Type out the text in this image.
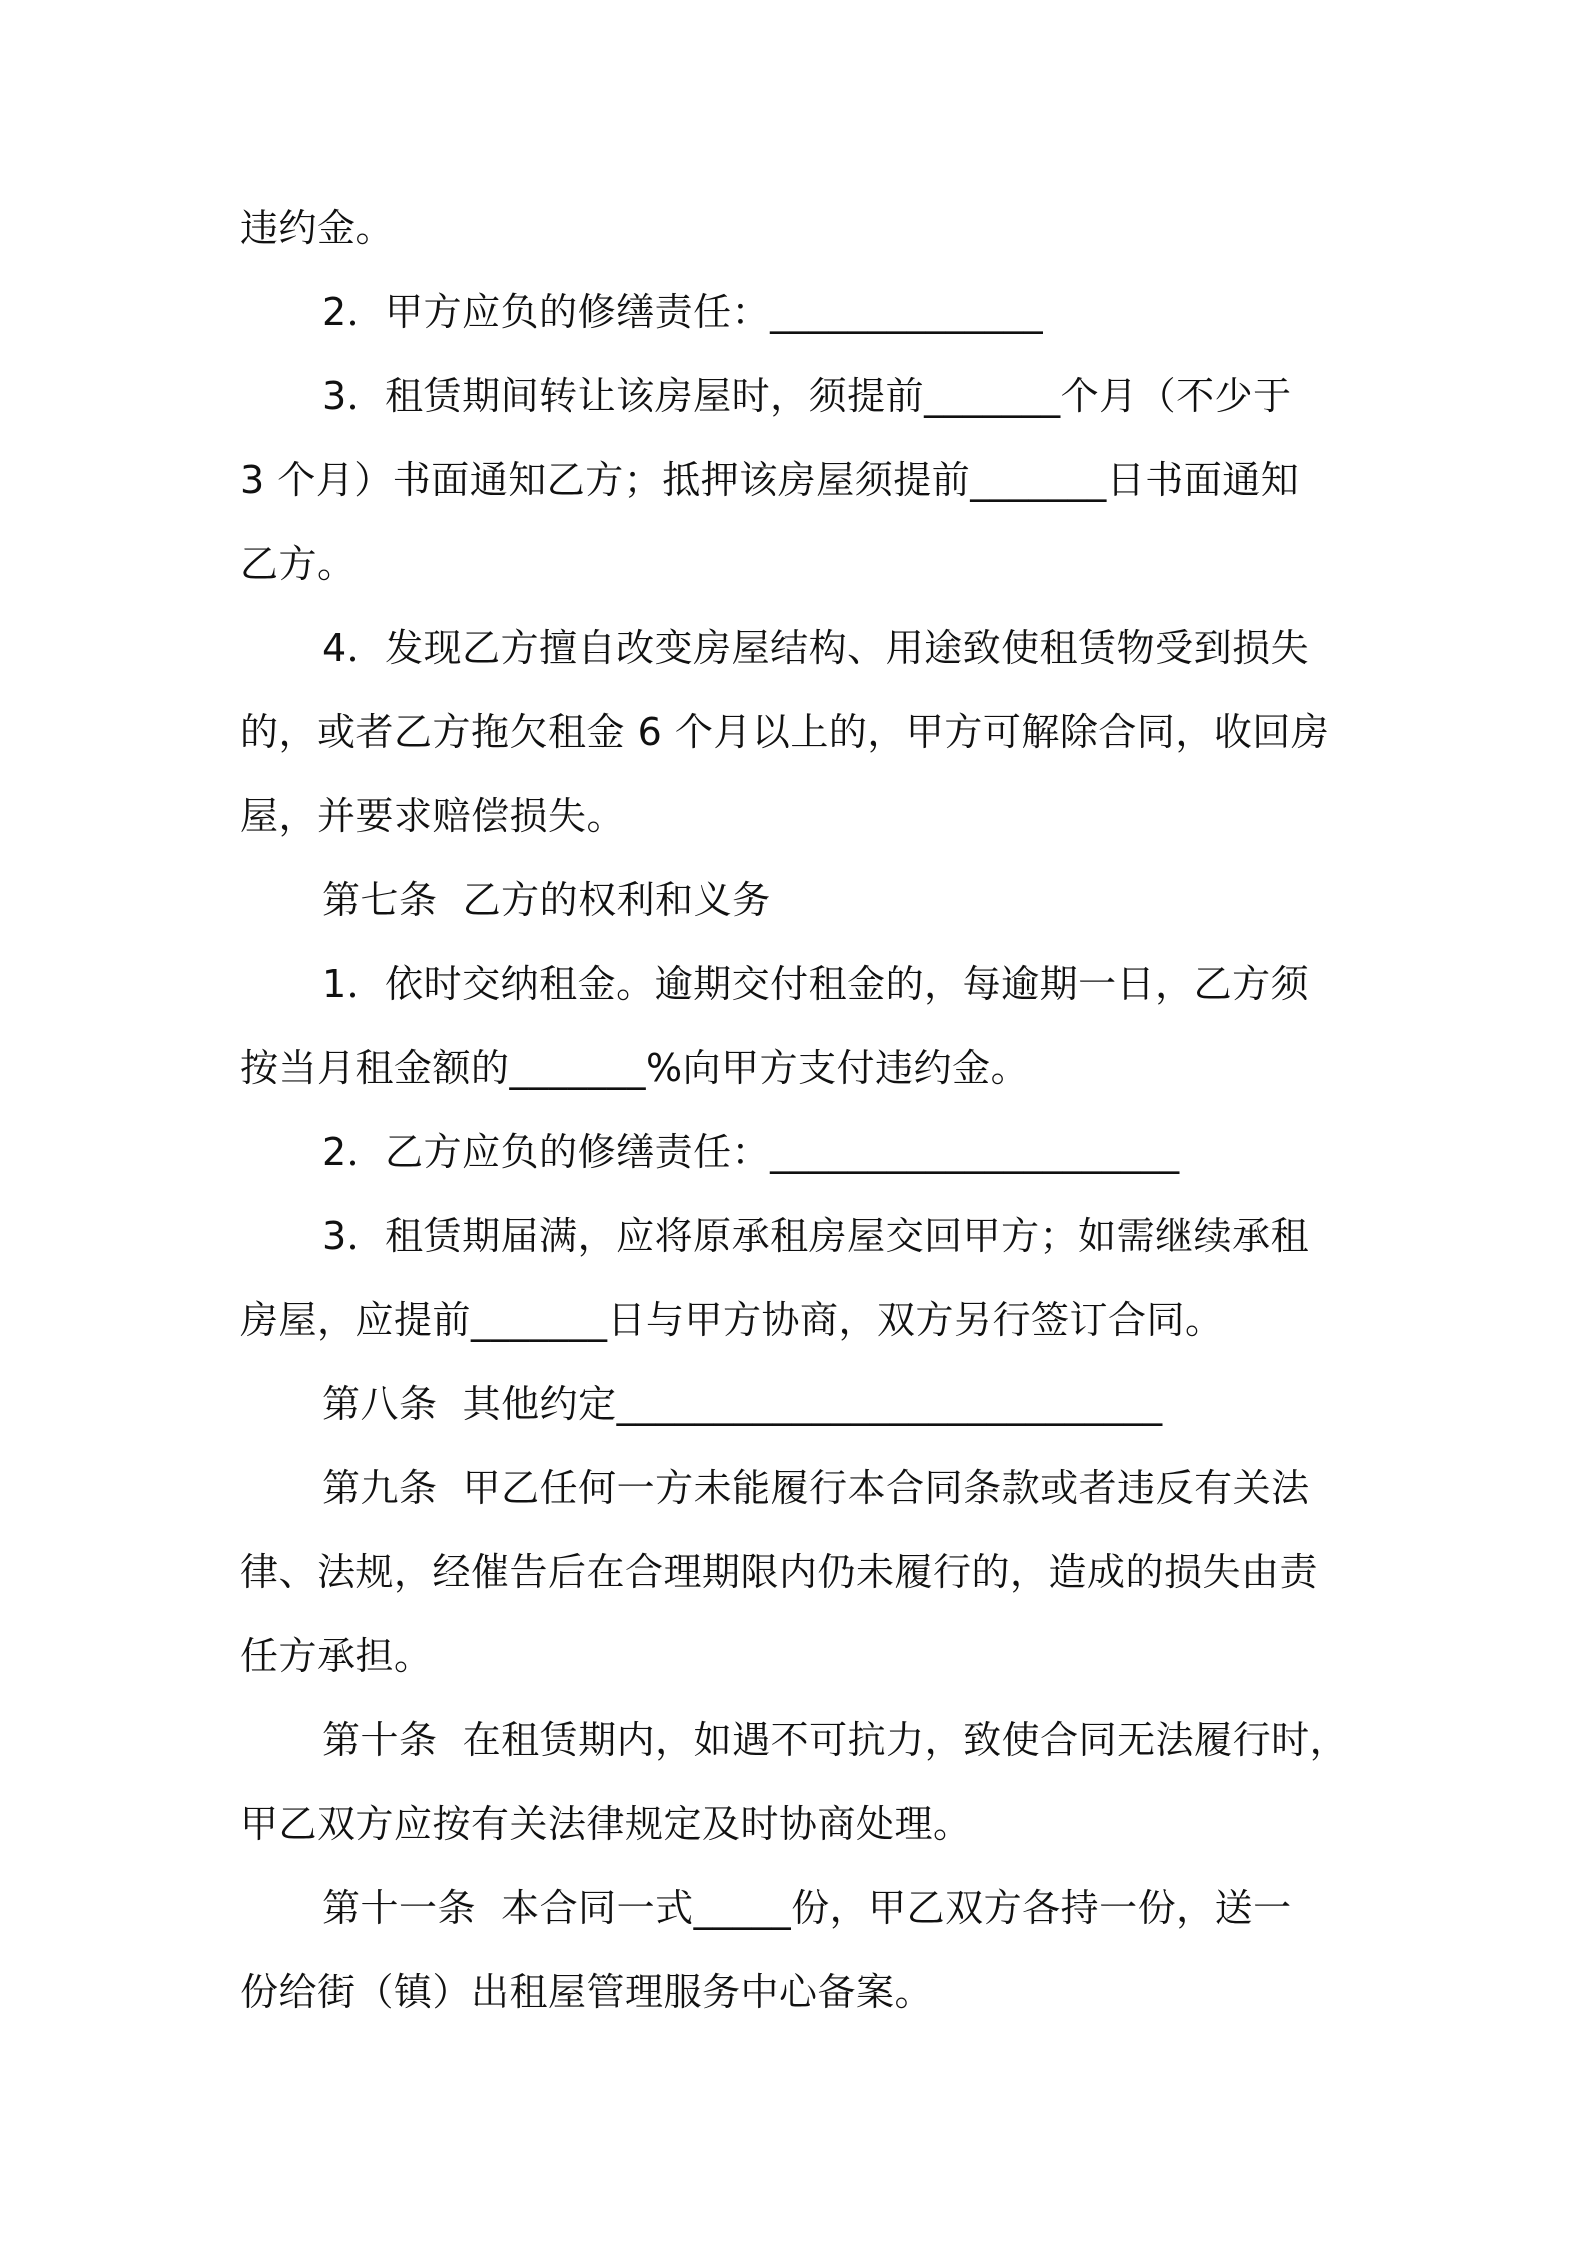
违约金。
2．甲方应负的修缮责任：______________
3．租赁期间转让该房屋时，须提前_______个月（不少于
3 个月）书面通知乙方；抵押该房屋须提前_______日书面通知
乙方。
4．发现乙方擅自改变房屋结构、用途致使租赁物受到损失
的，或者乙方拖欠租金 6 个月以上的，甲方可解除合同，收回房
屋，并要求赔偿损失。
第七条  乙方的权利和义务
1．依时交纳租金。逾期交付租金的，每逾期一日，乙方须
按当月租金额的_______%向甲方支付违约金。
2．乙方应负的修缮责任：_____________________
3．租赁期届满，应将原承租房屋交回甲方；如需继续承租
房屋，应提前_______日与甲方协商，双方另行签订合同。
第八条  其他约定____________________________
第九条  甲乙任何一方未能履行本合同条款或者违反有关法
律、法规，经催告后在合理期限内仍未履行的，造成的损失由责
任方承担。
第十条  在租赁期内，如遇不可抗力，致使合同无法履行时，
甲乙双方应按有关法律规定及时协商处理。
第十一条  本合同一式_____份，甲乙双方各持一份，送一
份给街（镇）出租屋管理服务中心备案。
